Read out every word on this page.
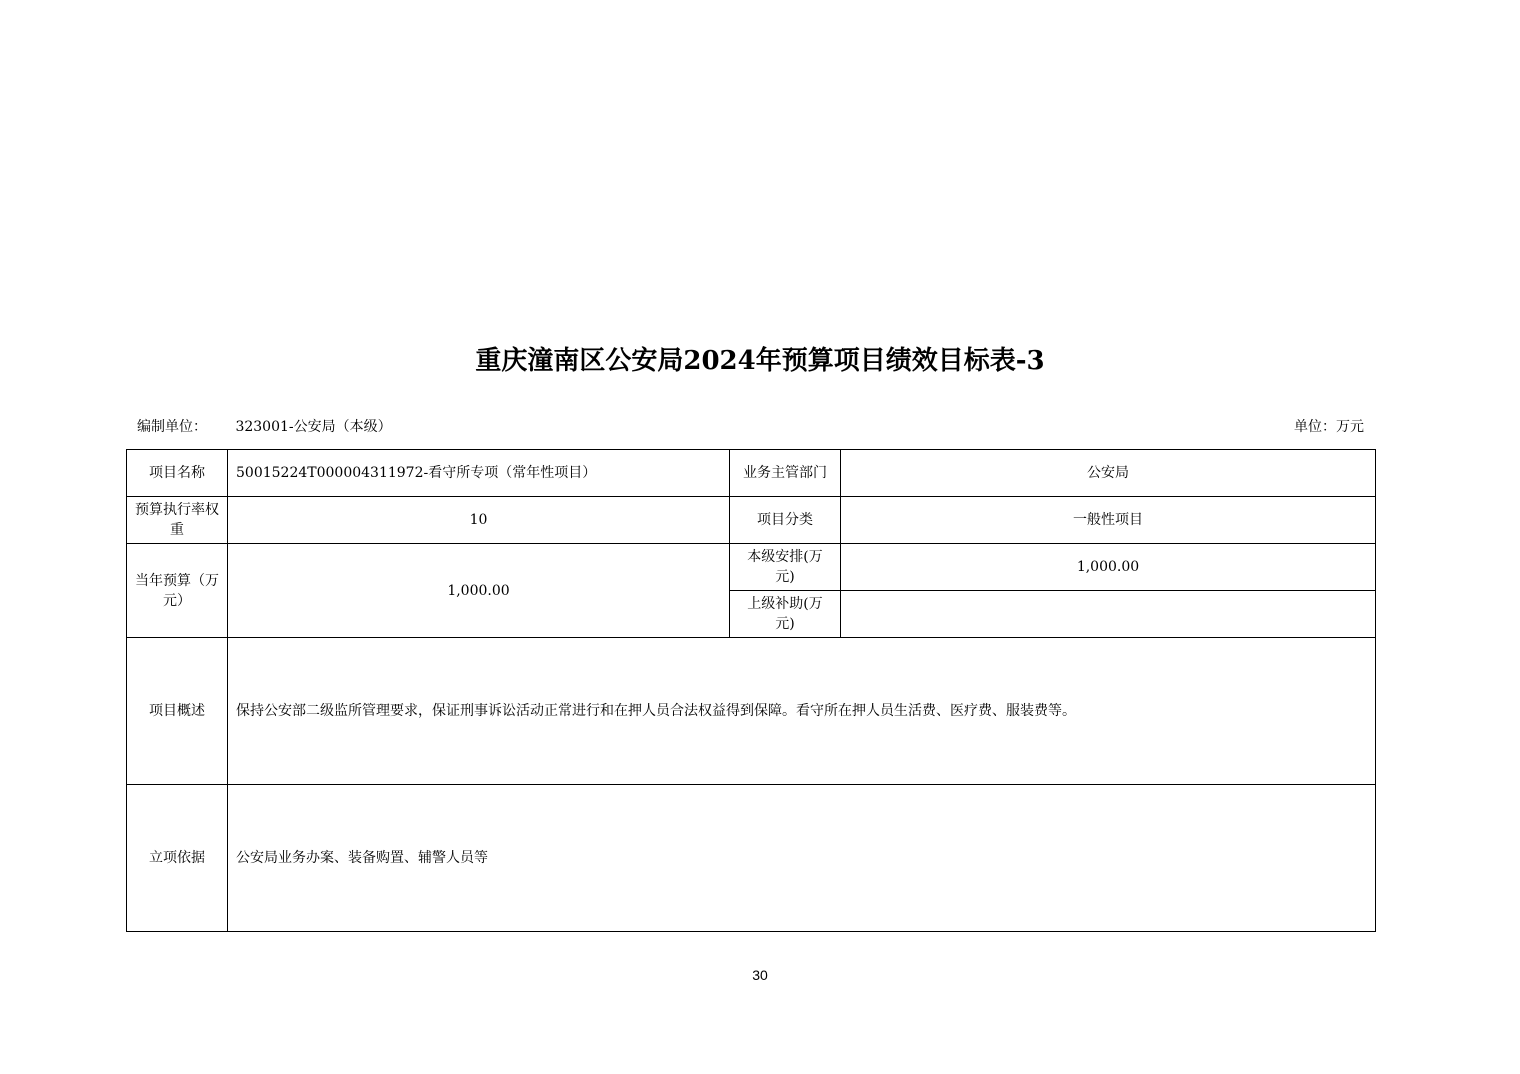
重庆潼南区公安局2024年预算项目绩效目标表-3
编制单位： 323001-公安局（本级）	单位：万元
项目名称	50015224T000004311972-看守所专项（常年性项目）	业务主管部门	公安局
预算执行率权重	10	项目分类	一般性项目
当年预算（万元）	1,000.00	本级安排(万元)	1,000.00
		上级补助(万元)	
项目概述	保持公安部二级监所管理要求，保证刑事诉讼活动正常进行和在押人员合法权益得到保障。看守所在押人员生活费、医疗费、服装费等。		
立项依据	公安局业务办案、装备购置、辅警人员等		
30
